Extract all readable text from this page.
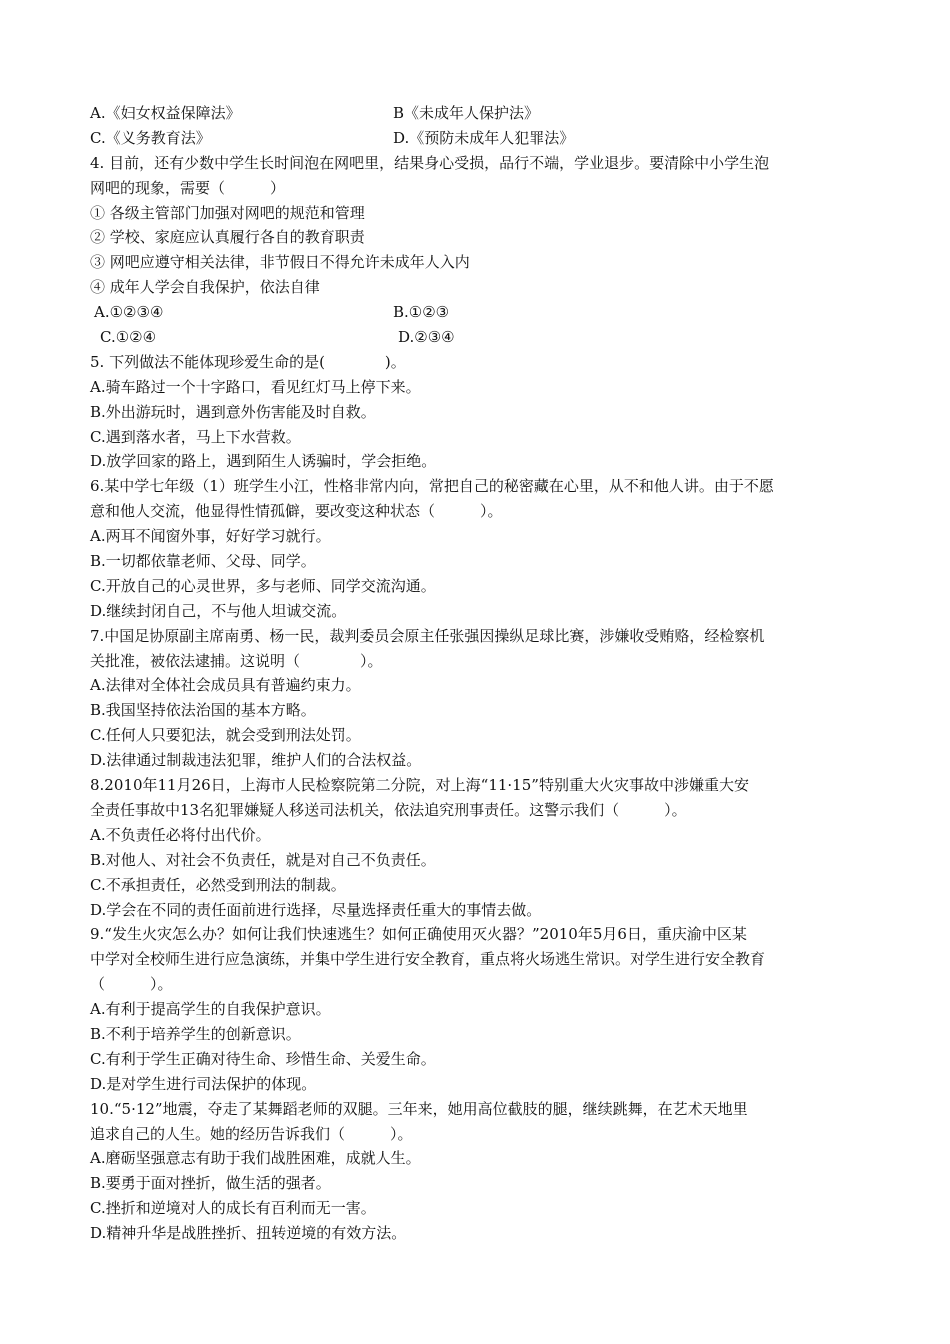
A.《妇女权益保障法》	B《未成年人保护法》
C.《义务教育法》	D.《预防未成年人犯罪法》
4. 目前，还有少数中学生长时间泡在网吧里，结果身心受损，品行不端，学业退步。要清除中小学生泡
网吧的现象，需要（　　　）
① 各级主管部门加强对网吧的规范和管理
② 学校、家庭应认真履行各自的教育职责
③ 网吧应遵守相关法律，非节假日不得允许未成年人入内
④ 成年人学会自我保护，依法自律
A.①②③④	B.①②③
C.①②④	D.②③④
5. 下列做法不能体现珍爱生命的是(　　　　)。
A.骑车路过一个十字路口，看见红灯马上停下来。
B.外出游玩时，遇到意外伤害能及时自救。
C.遇到落水者，马上下水营救。
D.放学回家的路上，遇到陌生人诱骗时，学会拒绝。
6.某中学七年级（1）班学生小江，性格非常内向，常把自己的秘密藏在心里，从不和他人讲。由于不愿
意和他人交流，他显得性情孤僻，要改变这种状态（　　　）。
A.两耳不闻窗外事，好好学习就行。
B.一切都依靠老师、父母、同学。
C.开放自己的心灵世界，多与老师、同学交流沟通。
D.继续封闭自己，不与他人坦诚交流。
7.中国足协原副主席南勇、杨一民，裁判委员会原主任张强因操纵足球比赛，涉嫌收受贿赂，经检察机
关批准，被依法逮捕。这说明（　　　　）。
A.法律对全体社会成员具有普遍约束力。
B.我国坚持依法治国的基本方略。
C.任何人只要犯法，就会受到刑法处罚。
D.法律通过制裁违法犯罪，维护人们的合法权益。
8.2010年11月26日，上海市人民检察院第二分院，对上海“11·15”特别重大火灾事故中涉嫌重大安
全责任事故中13名犯罪嫌疑人移送司法机关，依法追究刑事责任。这警示我们（　　　）。
A.不负责任必将付出代价。
B.对他人、对社会不负责任，就是对自己不负责任。
C.不承担责任，必然受到刑法的制裁。
D.学会在不同的责任面前进行选择，尽量选择责任重大的事情去做。
9.“发生火灾怎么办？如何让我们快速逃生？如何正确使用灭火器？”2010年5月6日，重庆渝中区某
中学对全校师生进行应急演练，并集中学生进行安全教育，重点将火场逃生常识。对学生进行安全教育
（　　　）。
A.有利于提高学生的自我保护意识。
B.不利于培养学生的创新意识。
C.有利于学生正确对待生命、珍惜生命、关爱生命。
D.是对学生进行司法保护的体现。
10.“5·12”地震，夺走了某舞蹈老师的双腿。三年来，她用高位截肢的腿，继续跳舞，在艺术天地里
追求自己的人生。她的经历告诉我们（　　　）。
A.磨砺坚强意志有助于我们战胜困难，成就人生。
B.要勇于面对挫折，做生活的强者。
C.挫折和逆境对人的成长有百利而无一害。
D.精神升华是战胜挫折、扭转逆境的有效方法。
